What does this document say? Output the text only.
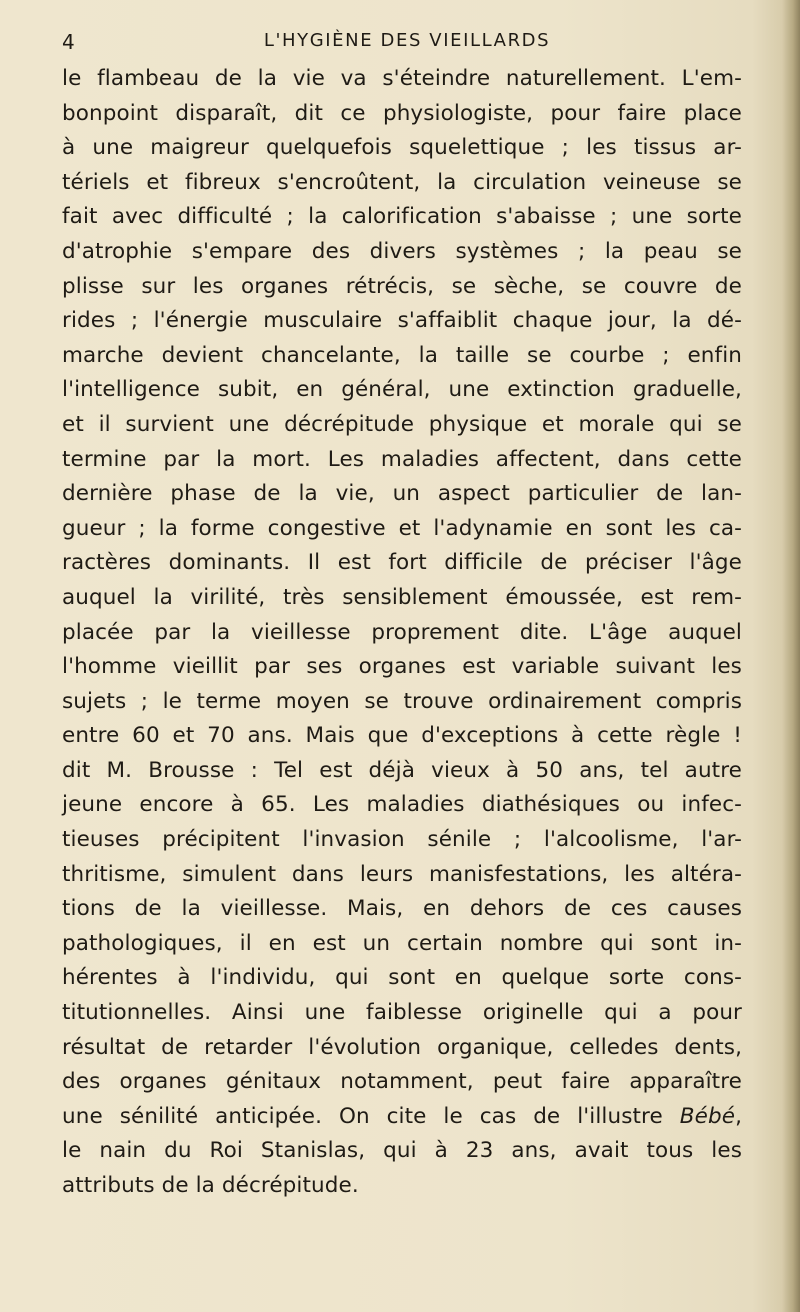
4	L'HYGIÈNE DES VIEILLARDS
le flambeau de la vie va s'éteindre naturellement. L'em-
bonpoint disparaît, dit ce physiologiste, pour faire place
à une maigreur quelquefois squelettique ; les tissus ar-
tériels et fibreux s'encroûtent, la circulation veineuse se
fait avec difficulté ; la calorification s'abaisse ; une sorte
d'atrophie s'empare des divers systèmes ; la peau se
plisse sur les organes rétrécis, se sèche, se couvre de
rides ; l'énergie musculaire s'affaiblit chaque jour, la dé-
marche devient chancelante, la taille se courbe ; enfin
l'intelligence subit, en général, une extinction graduelle,
et il survient une décrépitude physique et morale qui se
termine par la mort. Les maladies affectent, dans cette
dernière phase de la vie, un aspect particulier de lan-
gueur ; la forme congestive et l'adynamie en sont les ca-
ractères dominants. Il est fort difficile de préciser l'âge
auquel la virilité, très sensiblement émoussée, est rem-
placée par la vieillesse proprement dite. L'âge auquel
l'homme vieillit par ses organes est variable suivant les
sujets ; le terme moyen se trouve ordinairement compris
entre 60 et 70 ans. Mais que d'exceptions à cette règle !
dit M. Brousse : Tel est déjà vieux à 50 ans, tel autre
jeune encore à 65. Les maladies diathésiques ou infec-
tieuses précipitent l'invasion sénile ; l'alcoolisme, l'ar-
thritisme, simulent dans leurs manisfestations, les altéra-
tions de la vieillesse. Mais, en dehors de ces causes
pathologiques, il en est un certain nombre qui sont in-
hérentes à l'individu, qui sont en quelque sorte cons-
titutionnelles. Ainsi une faiblesse originelle qui a pour
résultat de retarder l'évolution organique, celledes dents,
des organes génitaux notamment, peut faire apparaître
une sénilité anticipée. On cite le cas de l'illustre Bébé,
le nain du Roi Stanislas, qui à 23 ans, avait tous les
attributs de la décrépitude.
